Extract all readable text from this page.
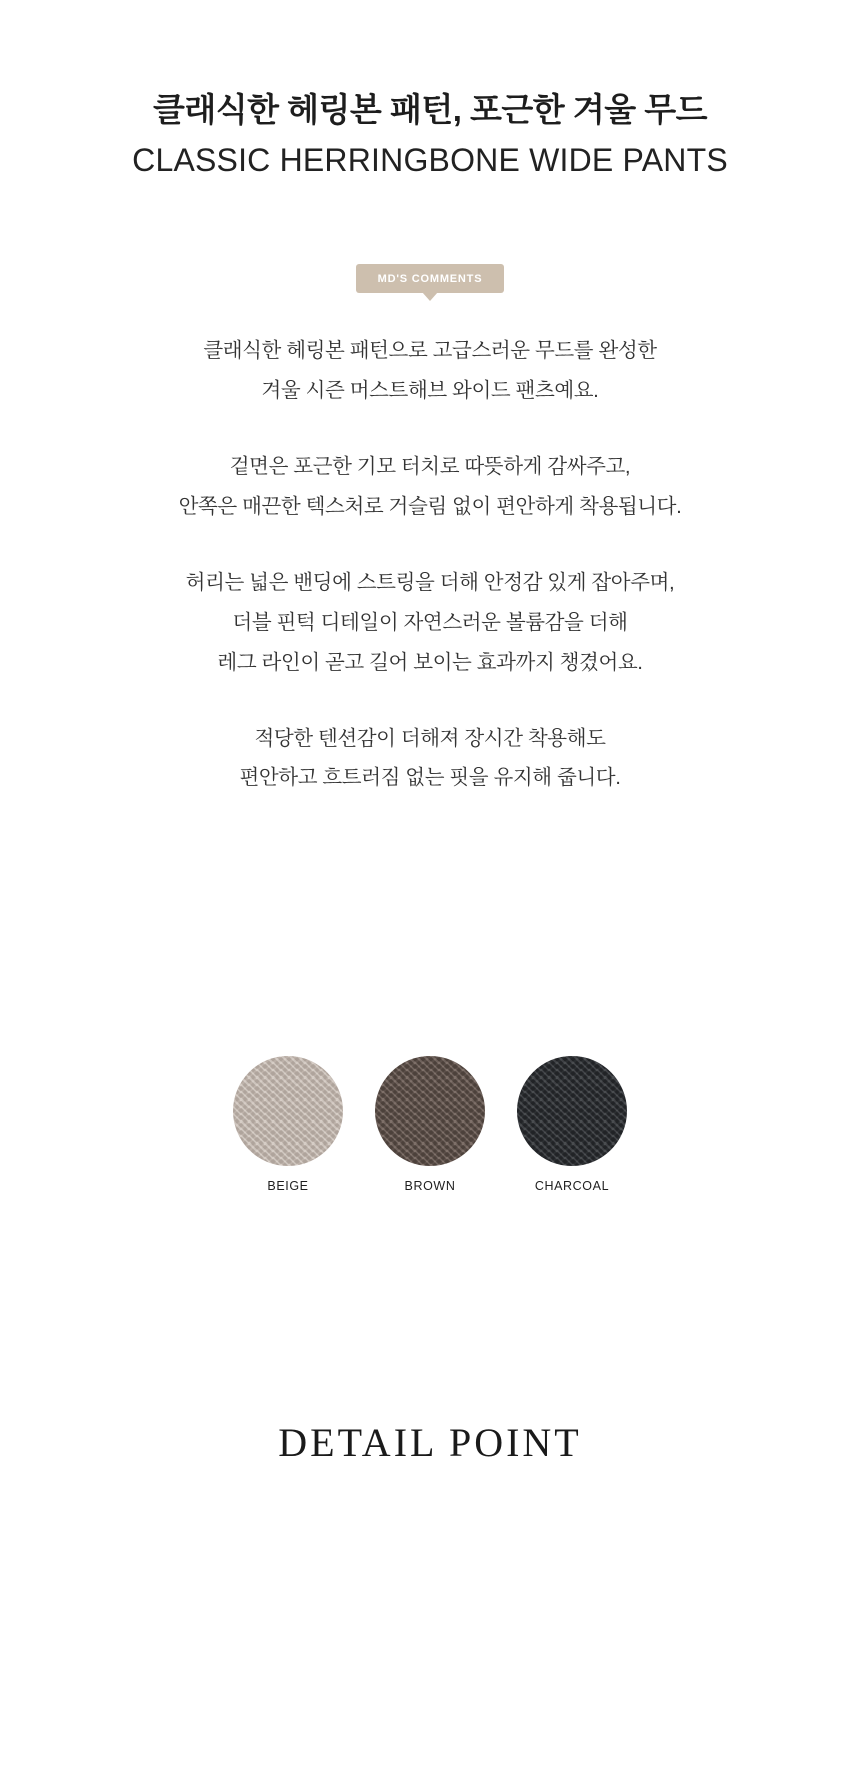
클래식한 헤링본 패턴, 포근한 겨울 무드
CLASSIC HERRINGBONE WIDE PANTS
MD'S COMMENTS

클래식한 헤링본 패턴으로 고급스러운 무드를 완성한

겨울 시즌 머스트해브 와이드 팬츠예요.

겉면은 포근한 기모 터치로 따뜻하게 감싸주고,

안쪽은 매끈한 텍스처로 거슬림 없이 편안하게 착용됩니다.

허리는 넓은 밴딩에 스트링을 더해 안정감 있게 잡아주며,

더블 핀턱 디테일이 자연스러운 볼륨감을 더해

레그 라인이 곧고 길어 보이는 효과까지 챙겼어요.

적당한 텐션감이 더해져 장시간 착용해도

편안하고 흐트러짐 없는 핏을 유지해 줍니다.

BEIGE	BROWN	CHARCOAL
DETAIL POINT
